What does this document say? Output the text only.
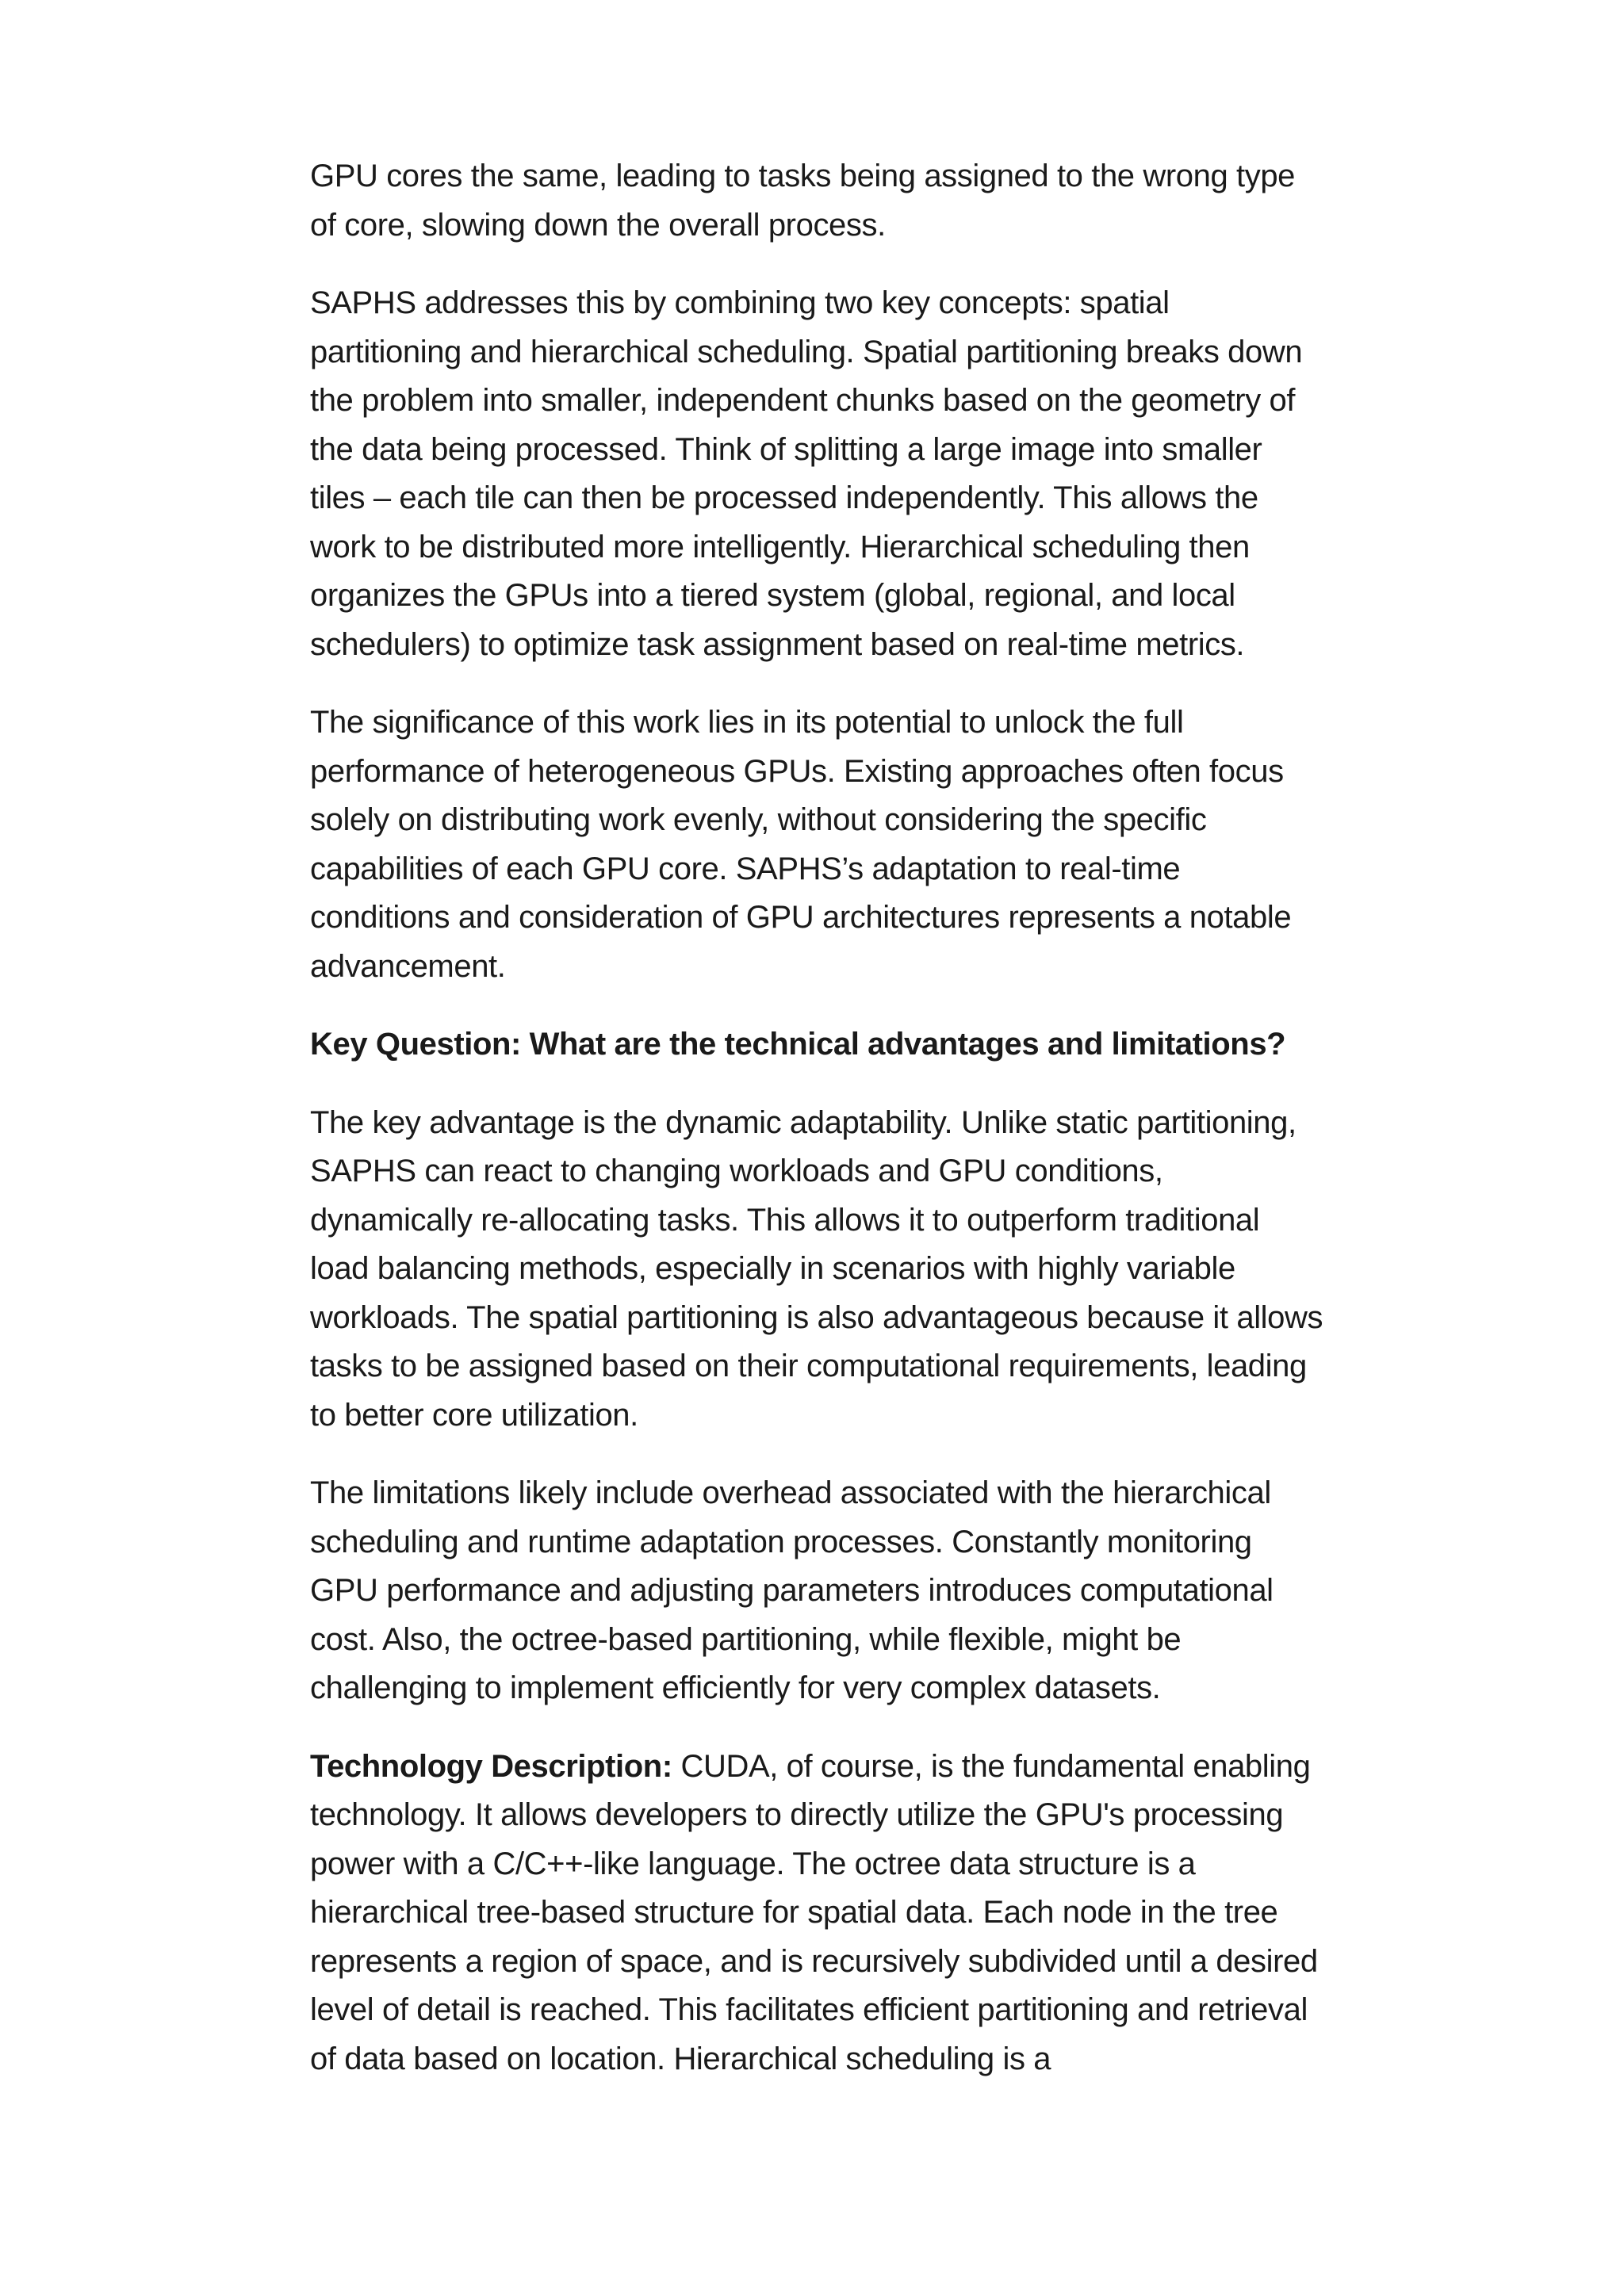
GPU cores the same, leading to tasks being assigned to the wrong type of core, slowing down the overall process.

SAPHS addresses this by combining two key concepts: spatial partitioning and hierarchical scheduling. Spatial partitioning breaks down the problem into smaller, independent chunks based on the geometry of the data being processed. Think of splitting a large image into smaller tiles – each tile can then be processed independently. This allows the work to be distributed more intelligently. Hierarchical scheduling then organizes the GPUs into a tiered system (global, regional, and local schedulers) to optimize task assignment based on real-time metrics.

The significance of this work lies in its potential to unlock the full performance of heterogeneous GPUs. Existing approaches often focus solely on distributing work evenly, without considering the specific capabilities of each GPU core. SAPHS’s adaptation to real-time conditions and consideration of GPU architectures represents a notable advancement.

Key Question: What are the technical advantages and limitations?

The key advantage is the dynamic adaptability. Unlike static partitioning, SAPHS can react to changing workloads and GPU conditions, dynamically re-allocating tasks. This allows it to outperform traditional load balancing methods, especially in scenarios with highly variable workloads. The spatial partitioning is also advantageous because it allows tasks to be assigned based on their computational requirements, leading to better core utilization.

The limitations likely include overhead associated with the hierarchical scheduling and runtime adaptation processes. Constantly monitoring GPU performance and adjusting parameters introduces computational cost. Also, the octree-based partitioning, while flexible, might be challenging to implement efficiently for very complex datasets.

Technology Description: CUDA, of course, is the fundamental enabling technology. It allows developers to directly utilize the GPU's processing power with a C/C++-like language. The octree data structure is a hierarchical tree-based structure for spatial data. Each node in the tree represents a region of space, and is recursively subdivided until a desired level of detail is reached. This facilitates efficient partitioning and retrieval of data based on location. Hierarchical scheduling is a
